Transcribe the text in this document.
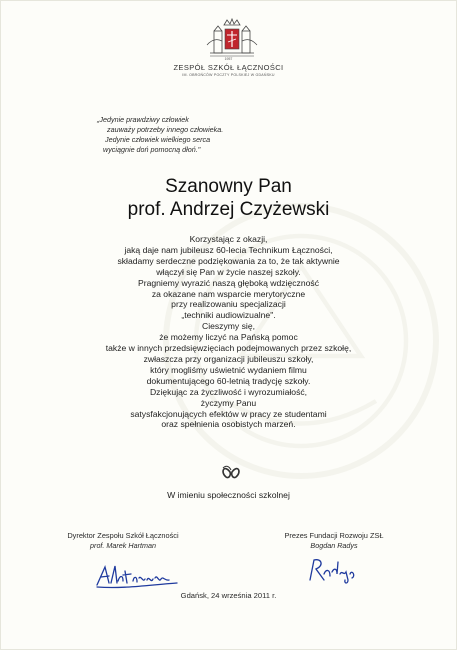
1957
ZESPÓŁ SZKÓŁ ŁĄCZNOŚCI
IM. OBROŃCÓW POCZTY POLSKIEJ W GDAŃSKU
„Jedynie prawdziwy człowiek
zauważy potrzeby innego człowieka.
Jedynie człowiek wielkiego serca
wyciągnie doń pomocną dłoń."
Szanowny Pan
prof. Andrzej Czyżewski
Korzystając z okazji,
jaką daje nam jubileusz 60-lecia Technikum Łączności,
składamy serdeczne podziękowania za to, że tak aktywnie
włączył się Pan w życie naszej szkoły.
Pragniemy wyrazić naszą głęboką wdzięczność
za okazane nam wsparcie merytoryczne
przy realizowaniu specjalizacji
„techniki audiowizualne".
Cieszymy się,
że możemy liczyć na Pańską pomoc
także w innych przedsięwzięciach podejmowanych przez szkołę,
zwłaszcza przy organizacji jubileuszu szkoły,
który mogliśmy uświetnić wydaniem filmu
dokumentującego 60-letnią tradycję szkoły.
Dziękując za życzliwość i wyrozumiałość,
życzymy Panu
satysfakcjonujących efektów w pracy ze studentami
oraz spełnienia osobistych marzeń.
W imieniu społeczności szkolnej
Dyrektor Zespołu Szkół Łączności
prof. Marek Hartman
Prezes Fundacji Rozwoju ZSŁ
Bogdan Radys
Gdańsk, 24 września 2011 r.
